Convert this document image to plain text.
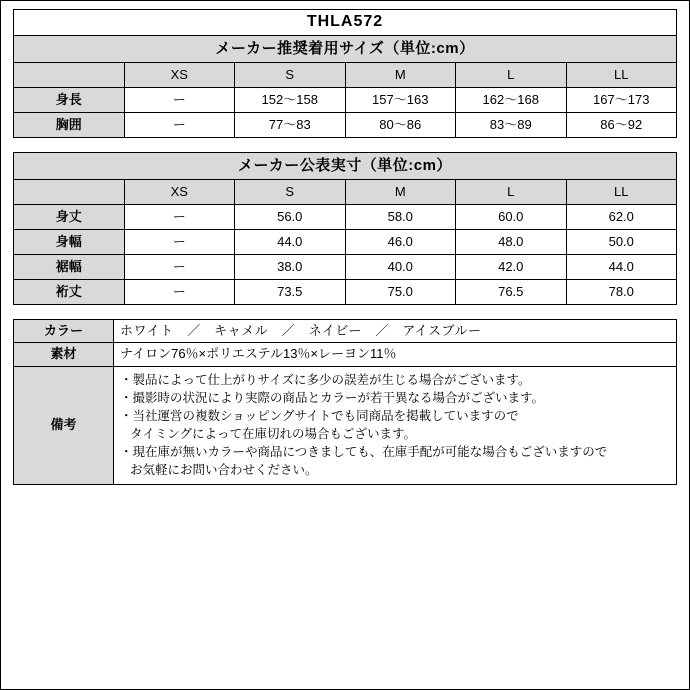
THLA572
メーカー推奨着用サイズ（単位:cm）					
	XS	S	M	L	LL
身長	ー	152〜158	157〜163	162〜168	167〜173
胸囲	ー	77〜83	80〜86	83〜89	86〜92
メーカー公表実寸（単位:cm）					
	XS	S	M	L	LL
身丈	ー	56.0	58.0	60.0	62.0
身幅	ー	44.0	46.0	48.0	50.0
裾幅	ー	38.0	40.0	42.0	44.0
裄丈	ー	73.5	75.0	76.5	78.0
カラー	ホワイト　／　キャメル　／　ネイビー　／　アイスブルー
素材	ナイロン76％×ポリエステル13％×レーヨン11％
備考	
・製品によって仕上がりサイズに多少の誤差が生じる場合がございます。
・撮影時の状況により実際の商品とカラーが若干異なる場合がございます。
・当社運営の複数ショッピングサイトでも同商品を掲載していますので
タイミングによって在庫切れの場合もございます。
・現在庫が無いカラーや商品につきましても、在庫手配が可能な場合もございますので
お気軽にお問い合わせください。
